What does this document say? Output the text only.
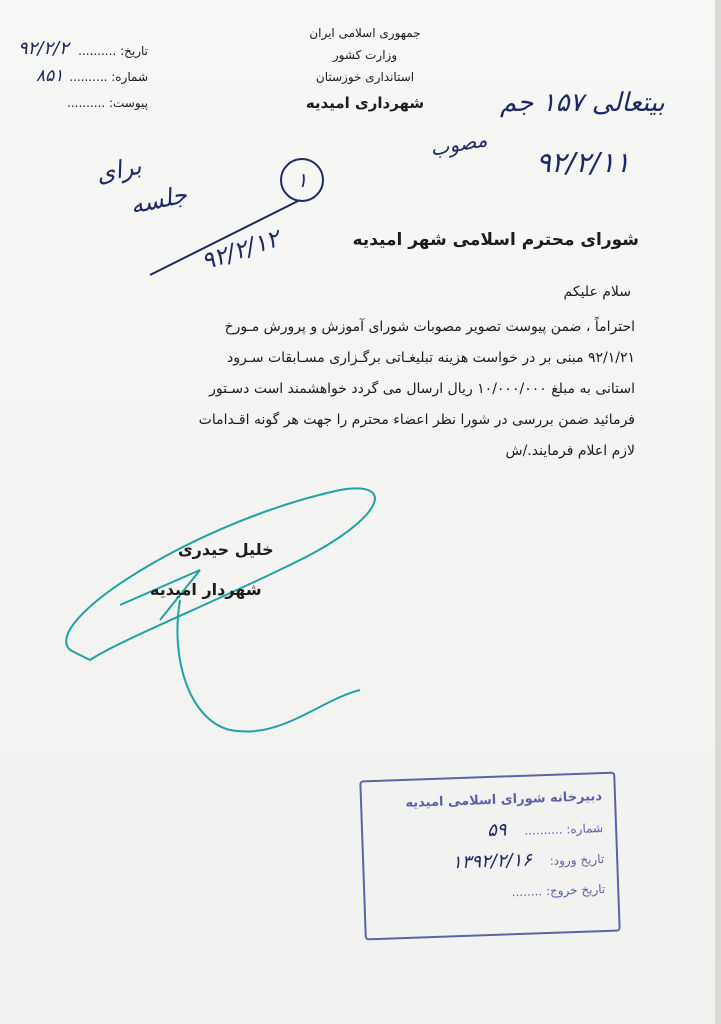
جمهوری اسلامی ایران
وزارت کشور
استانداری خوزستان
شهرداری امیدیه
تاریخ: ..........
شماره: ..........
پیوست: ..........
۹۲/۲/۲
۸۵۱
بیتعالی ۱۵۷ جم
۹۲/۲/۱۱
مصوب
برای
جلسه
۹۲/۲/۱۲
۱
شورای محترم اسلامی شهر امیدیه
سلام علیکم
احتراماً ، ضمن پیوست تصویر مصوبات شورای آموزش و پرورش مـورخ
۹۲/۱/۲۱ مبنی بر در خواست هزینه تبلیغـاتی برگـزاری مسـابقات سـرود
استانی به مبلغ ۱۰/۰۰۰/۰۰۰ ریال ارسال می گردد خواهشمند است دسـتور
فرمائید ضمن بررسی در شورا نظر اعضاء محترم را جهت هر گونه اقـدامات
لازم اعلام فرمایند./ش
خلیل حیدری
شهردار امیدیه
دبیرخانه شورای اسلامی امیدیه
شماره: .......... ۵۹
تاریخ ورود: ۱۳۹۲/۲/۱۶
تاریخ خروج: ........
